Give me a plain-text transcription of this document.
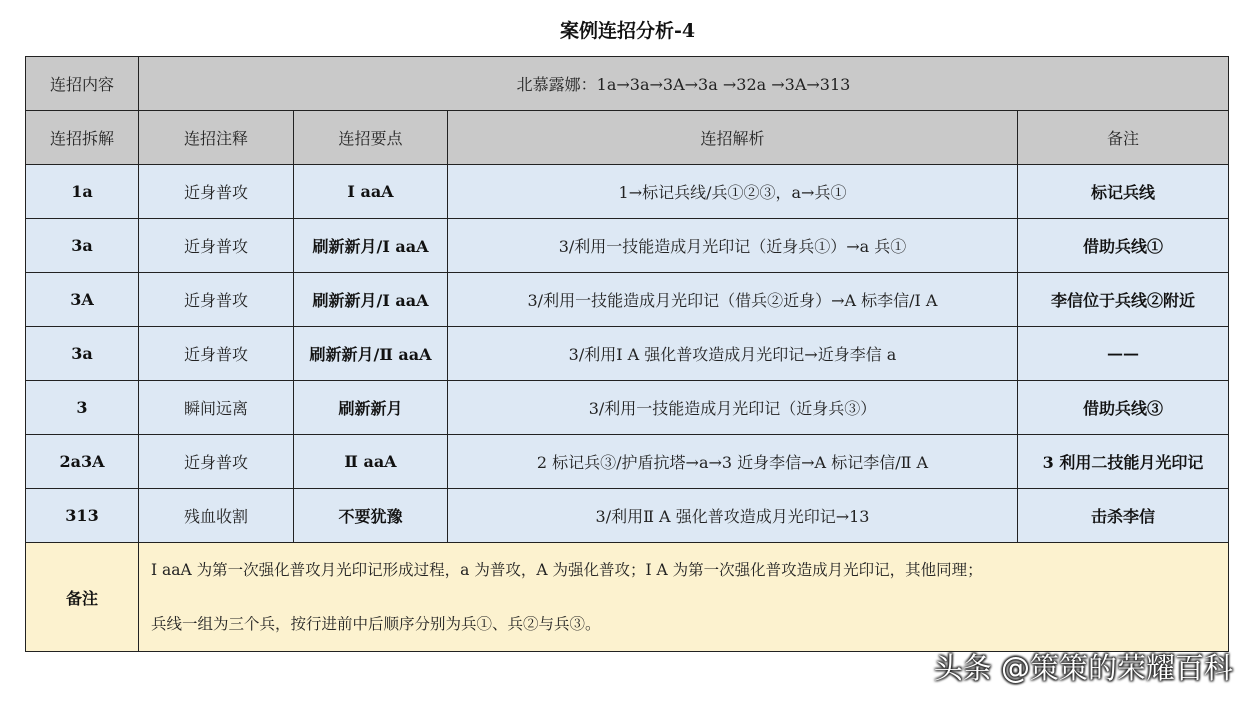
案例连招分析-4
连招内容	北慕露娜：1a→3a→3A→3a →32a →3A→313			
连招拆解	连招注释	连招要点	连招解析	备注
1a	近身普攻	Ⅰ aaA	1→标记兵线/兵①②③，a→兵①	标记兵线
3a	近身普攻	刷新新月/Ⅰ aaA	3/利用一技能造成月光印记（近身兵①）→a 兵①	借助兵线①
3A	近身普攻	刷新新月/Ⅰ aaA	3/利用一技能造成月光印记（借兵②近身）→A 标李信/Ⅰ A	李信位于兵线②附近
3a	近身普攻	刷新新月/Ⅱ aaA	3/利用Ⅰ A 强化普攻造成月光印记→近身李信 a	——
3	瞬间远离	刷新新月	3/利用一技能造成月光印记（近身兵③）	借助兵线③
2a3A	近身普攻	Ⅱ aaA	2 标记兵③/护盾抗塔→a→3 近身李信→A 标记李信/Ⅱ A	3 利用二技能月光印记
313	残血收割	不要犹豫	3/利用Ⅱ A 强化普攻造成月光印记→13	击杀李信
备注	Ⅰ aaA 为第一次强化普攻月光印记形成过程，a 为普攻，A 为强化普攻；Ⅰ A 为第一次强化普攻造成月光印记，其他同理；
兵线一组为三个兵，按行进前中后顺序分别为兵①、兵②与兵③。			
头条 @策策的荣耀百科
